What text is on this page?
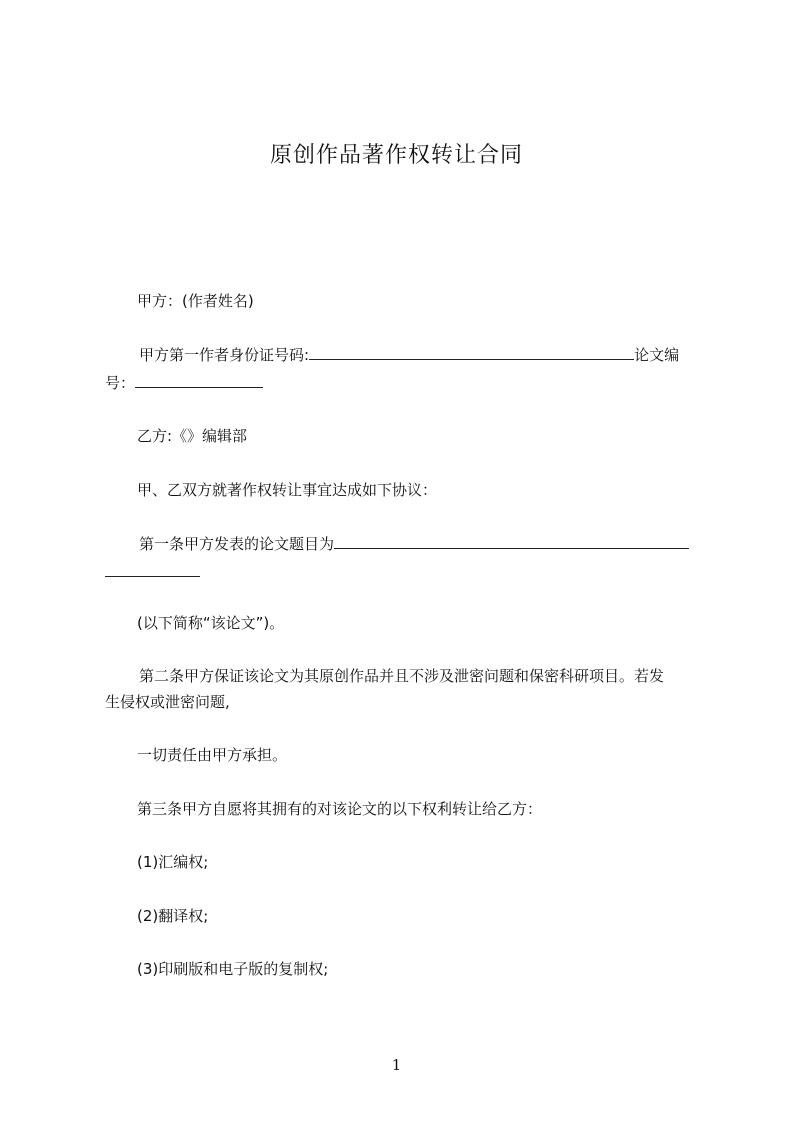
原创作品著作权转让合同
甲方：(作者姓名)
甲方第一作者身份证号码:	论文编
号：
乙方:《》编辑部
甲、乙双方就著作权转让事宜达成如下协议：
第一条甲方发表的论文题目为
(以下简称“该论文”)。
第二条甲方保证该论文为其原创作品并且不涉及泄密问题和保密科研项目。若发
生侵权或泄密问题,
一切责任由甲方承担。
第三条甲方自愿将其拥有的对该论文的以下权利转让给乙方：
(1)汇编权;
(2)翻译权;
(3)印刷版和电子版的复制权;
1
